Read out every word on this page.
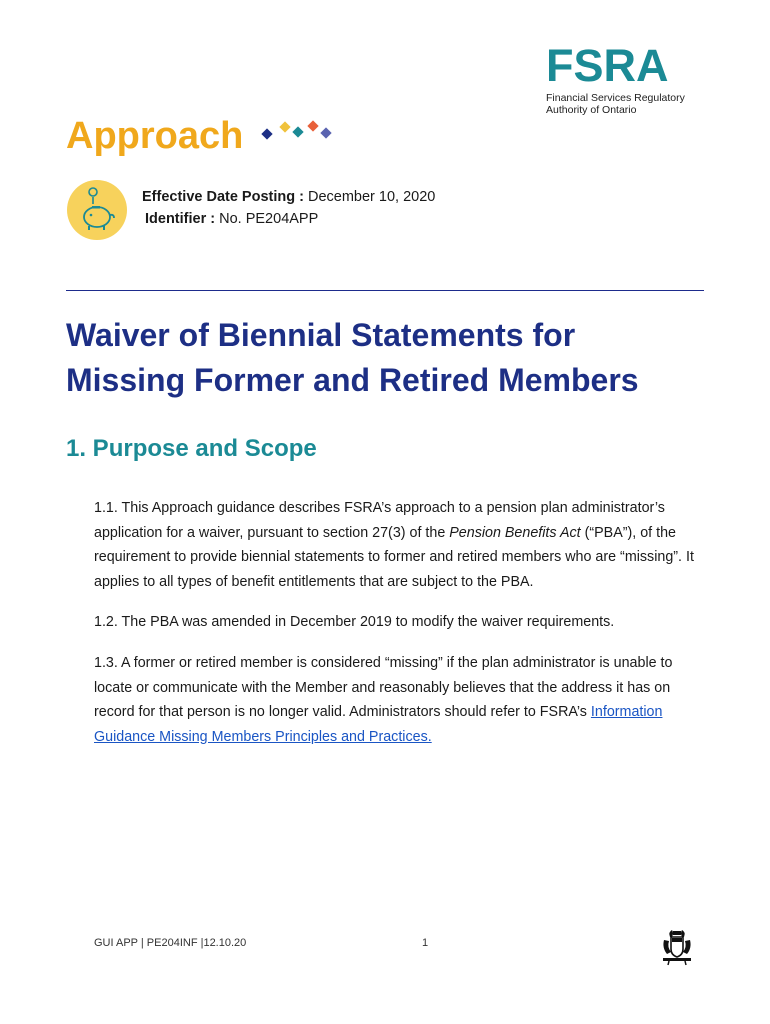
FSRA
Financial Services Regulatory
Authority of Ontario
Approach
Effective Date Posting : December 10, 2020
Identifier : No. PE204APP
Waiver of Biennial Statements for
Missing Former and Retired Members
1. Purpose and Scope

1.1. This Approach guidance describes FSRA’s approach to a pension plan administrator’s application for a waiver, pursuant to section 27(3) of the Pension Benefits Act (“PBA”), of the requirement to provide biennial statements to former and retired members who are “missing”. It applies to all types of benefit entitlements that are subject to the PBA.

1.2. The PBA was amended in December 2019 to modify the waiver requirements.

1.3. A former or retired member is considered “missing” if the plan administrator is unable to locate or communicate with the Member and reasonably believes that the address it has on record for that person is no longer valid. Administrators should refer to FSRA’s Information Guidance Missing Members Principles and Practices.

GUI APP | PE204INF |12.10.20	1
